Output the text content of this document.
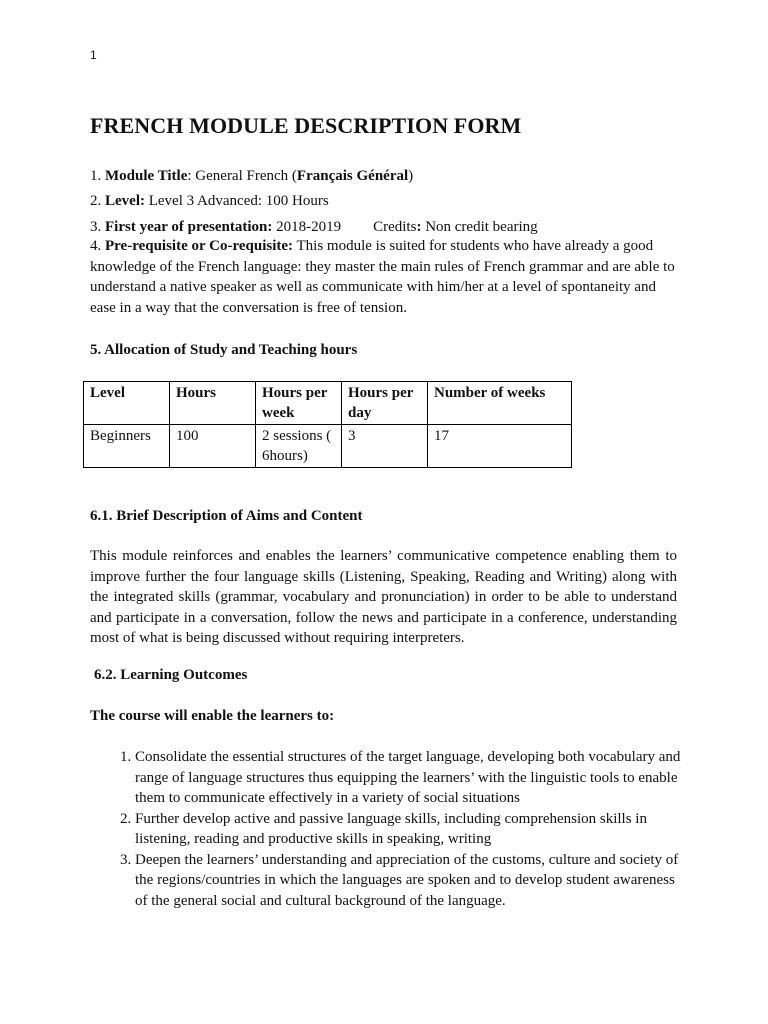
1
FRENCH MODULE DESCRIPTION FORM
1. Module Title: General French (Français Général)
2. Level: Level 3 Advanced: 100 Hours
3. First year of presentation: 2018-2019 Credits: Non credit bearing
4. Pre-requisite or Co-requisite: This module is suited for students who have already a good knowledge of the French language: they master the main rules of French grammar and are able to understand a native speaker as well as communicate with him/her at a level of spontaneity and ease in a way that the conversation is free of tension.
5. Allocation of Study and Teaching hours
Level	Hours	Hours per week	Hours per day	Number of weeks
Beginners	100	2 sessions ( 6hours)	3	17
6.1. Brief Description of Aims and Content
This module reinforces and enables the learners’ communicative competence enabling them to improve further the four language skills (Listening, Speaking, Reading and Writing) along with the integrated skills (grammar, vocabulary and pronunciation) in order to be able to understand and participate in a conversation, follow the news and participate in a conference, understanding most of what is being discussed without requiring interpreters.
6.2. Learning Outcomes
The course will enable the learners to:
1. Consolidate the essential structures of the target language, developing both vocabulary and range of language structures thus equipping the learners’ with the linguistic tools to enable them to communicate effectively in a variety of social situations
2. Further develop active and passive language skills, including comprehension skills in listening, reading and productive skills in speaking, writing
3. Deepen the learners’ understanding and appreciation of the customs, culture and society of the regions/countries in which the languages are spoken and to develop student awareness of the general social and cultural background of the language.
